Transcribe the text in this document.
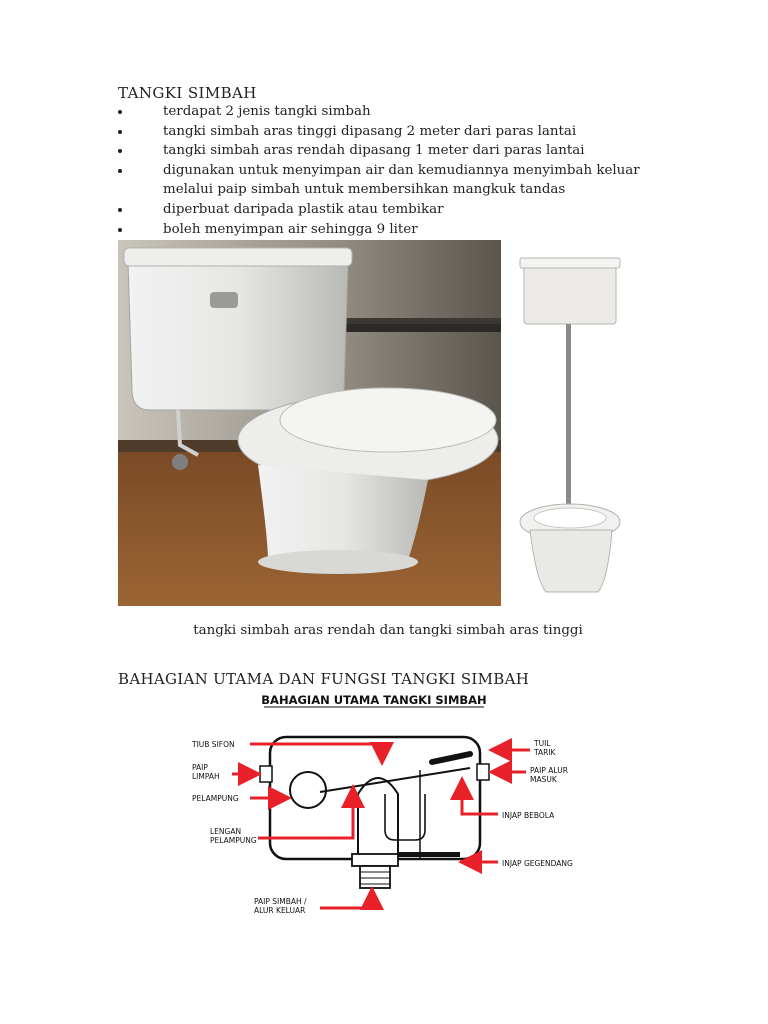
TANGKI SIMBAH
terdapat 2 jenis tangki simbah
tangki simbah aras tinggi dipasang 2 meter dari paras lantai
tangki simbah aras rendah dipasang 1 meter dari paras lantai
digunakan untuk menyimpan air dan kemudiannya menyimbah keluar melalui paip simbah untuk membersihkan mangkuk tandas
diperbuat daripada plastik atau tembikar
boleh menyimpan air sehingga 9 liter
tangki simbah aras rendah dan tangki simbah aras tinggi
BAHAGIAN UTAMA DAN FUNGSI TANGKI SIMBAH
BAHAGIAN UTAMA TANGKI SIMBAH
TIUB SIFON
PAIP
LIMPAH
PELAMPUNG
LENGAN
PELAMPUNG
PAIP SIMBAH /
ALUR KELUAR
TUIL
TARIK
PAIP ALUR
MASUK
INJAP BEBOLA
INJAP GEGENDANG
